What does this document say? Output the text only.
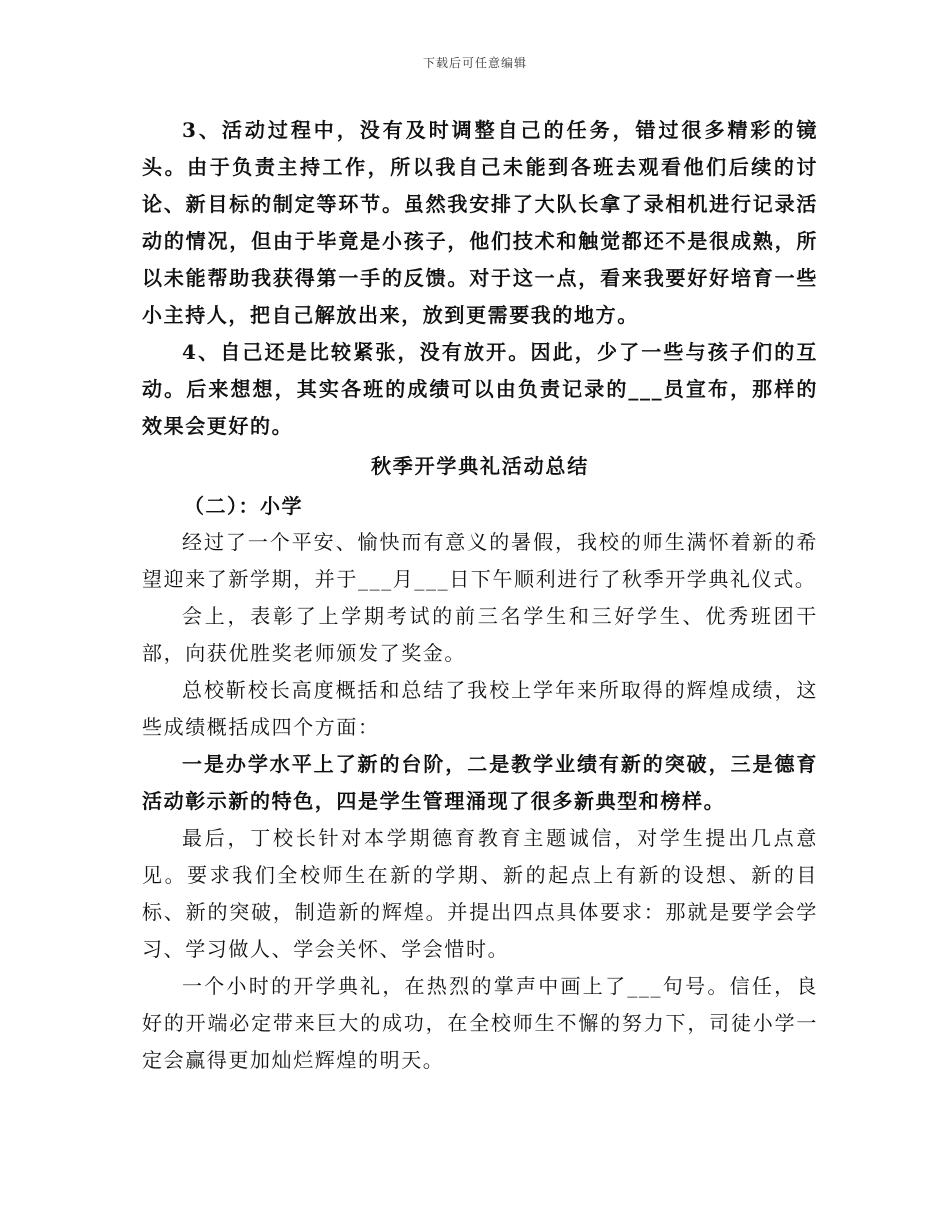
下载后可任意编辑

3、活动过程中，没有及时调整自己的任务，错过很多精彩的镜头。由于负责主持工作，所以我自己未能到各班去观看他们后续的讨论、新目标的制定等环节。虽然我安排了大队长拿了录相机进行记录活动的情况，但由于毕竟是小孩子，他们技术和触觉都还不是很成熟，所以未能帮助我获得第一手的反馈。对于这一点，看来我要好好培育一些小主持人，把自己解放出来，放到更需要我的地方。

4、自己还是比较紧张，没有放开。因此，少了一些与孩子们的互动。后来想想，其实各班的成绩可以由负责记录的___员宣布，那样的效果会更好的。

秋季开学典礼活动总结
（二）：小学

经过了一个平安、愉快而有意义的暑假，我校的师生满怀着新的希望迎来了新学期，并于___月___日下午顺利进行了秋季开学典礼仪式。

会上，表彰了上学期考试的前三名学生和三好学生、优秀班团干部，向获优胜奖老师颁发了奖金。

总校靳校长高度概括和总结了我校上学年来所取得的辉煌成绩，这些成绩概括成四个方面：

一是办学水平上了新的台阶，二是教学业绩有新的突破，三是德育活动彰示新的特色，四是学生管理涌现了很多新典型和榜样。

最后，丁校长针对本学期德育教育主题诚信，对学生提出几点意见。要求我们全校师生在新的学期、新的起点上有新的设想、新的目标、新的突破，制造新的辉煌。并提出四点具体要求：那就是要学会学习、学习做人、学会关怀、学会惜时。

一个小时的开学典礼，在热烈的掌声中画上了___句号。信任，良好的开端必定带来巨大的成功，在全校师生不懈的努力下，司徒小学一定会赢得更加灿烂辉煌的明天。
